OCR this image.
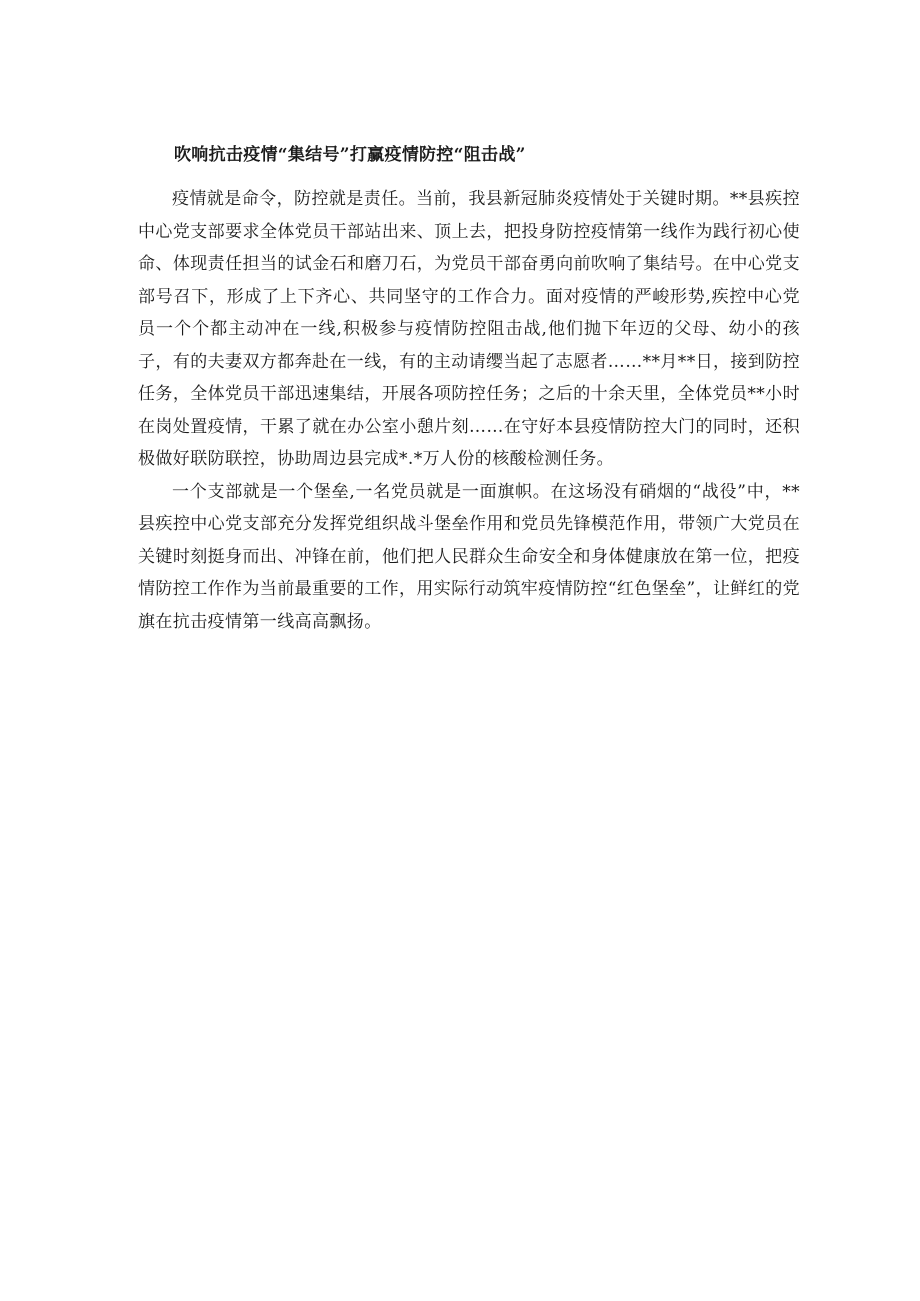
吹响抗击疫情“集结号”打赢疫情防控“阻击战”

疫情就是命令，防控就是责任。当前，我县新冠肺炎疫情处于关键时期。**县疾控中心党支部要求全体党员干部站出来、顶上去，把投身防控疫情第一线作为践行初心使命、体现责任担当的试金石和磨刀石，为党员干部奋勇向前吹响了集结号。在中心党支部号召下，形成了上下齐心、共同坚守的工作合力。面对疫情的严峻形势,疾控中心党员一个个都主动冲在一线,积极参与疫情防控阻击战,他们抛下年迈的父母、幼小的孩子，有的夫妻双方都奔赴在一线，有的主动请缨当起了志愿者……**月**日，接到防控任务，全体党员干部迅速集结，开展各项防控任务；之后的十余天里，全体党员**小时在岗处置疫情，干累了就在办公室小憩片刻……在守好本县疫情防控大门的同时，还积极做好联防联控，协助周边县完成*.*万人份的核酸检测任务。

一个支部就是一个堡垒,一名党员就是一面旗帜。在这场没有硝烟的“战役”中，**县疾控中心党支部充分发挥党组织战斗堡垒作用和党员先锋模范作用，带领广大党员在关键时刻挺身而出、冲锋在前，他们把人民群众生命安全和身体健康放在第一位，把疫情防控工作作为当前最重要的工作，用实际行动筑牢疫情防控“红色堡垒”，让鲜红的党旗在抗击疫情第一线高高飘扬。
